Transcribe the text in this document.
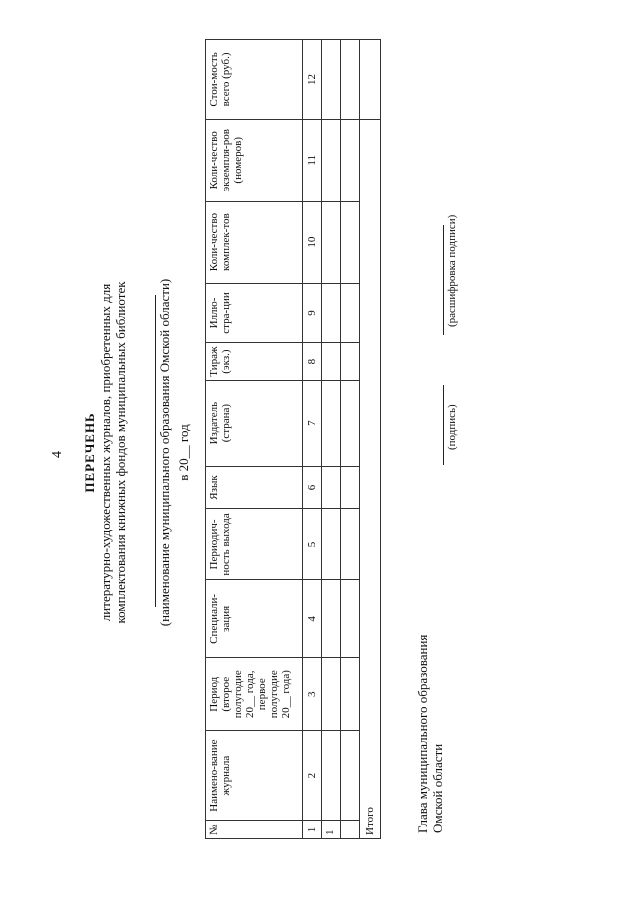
4 ПЕРЕЧЕНЬ литературно-художественных журналов, приобретенных для комплектования книжных фондов муниципальных библиотек (наименование муниципального образования Омской области) в 20__ год
№	Наимено-вание журнала	Период (второе полугодие 20__ года, первое полугодие 20__ года)	Специали-зация	Периодич-ность выхода	Язык	Издатель (страна)	Тираж (экз.)	Иллю-стра-ции	Коли-чество комплек-тов	Коли-чество экземпля-ров (номеров)	Стои-мость всего (руб.)
1	2	3	4	5	6	7	8	9	10	11	12
1											

Итого												Глава муниципального образования Омской области
(подпись)
(расшифровка подписи)
